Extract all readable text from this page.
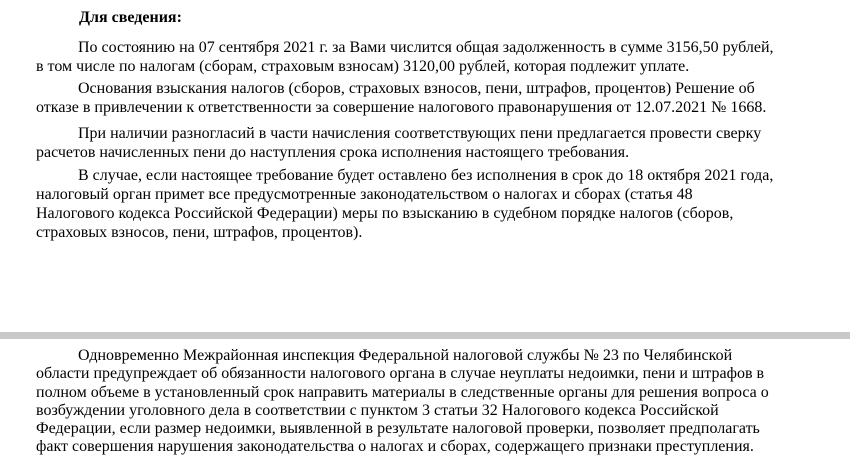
Для сведения:
По состоянию на 07 сентября 2021 г. за Вами числится общая задолженность в сумме 3156,50 рублей,
в том числе по налогам (сборам, страховым взносам) 3120,00 рублей, которая подлежит уплате.
Основания взыскания налогов (сборов, страховых взносов, пени, штрафов, процентов) Решение об
отказе в привлечении к ответственности за совершение налогового правонарушения от 12.07.2021 № 1668.
При наличии разногласий в части начисления соответствующих пени предлагается провести сверку
расчетов начисленных пени до наступления срока исполнения настоящего требования.
В случае, если настоящее требование будет оставлено без исполнения в срок до 18 октября 2021 года,
налоговый орган примет все предусмотренные законодательством о налогах и сборах (статья 48
Налогового кодекса Российской Федерации) меры по взысканию в судебном порядке налогов (сборов,
страховых взносов, пени, штрафов, процентов).
Одновременно Межрайонная инспекция Федеральной налоговой службы № 23 по Челябинской
области предупреждает об обязанности налогового органа в случае неуплаты недоимки, пени и штрафов в
полном объеме в установленный срок направить материалы в следственные органы для решения вопроса о
возбуждении уголовного дела в соответствии с пунктом 3 статьи 32 Налогового кодекса Российской
Федерации, если размер недоимки, выявленной в результате налоговой проверки, позволяет предполагать
факт совершения нарушения законодательства о налогах и сборах, содержащего признаки преступления.
